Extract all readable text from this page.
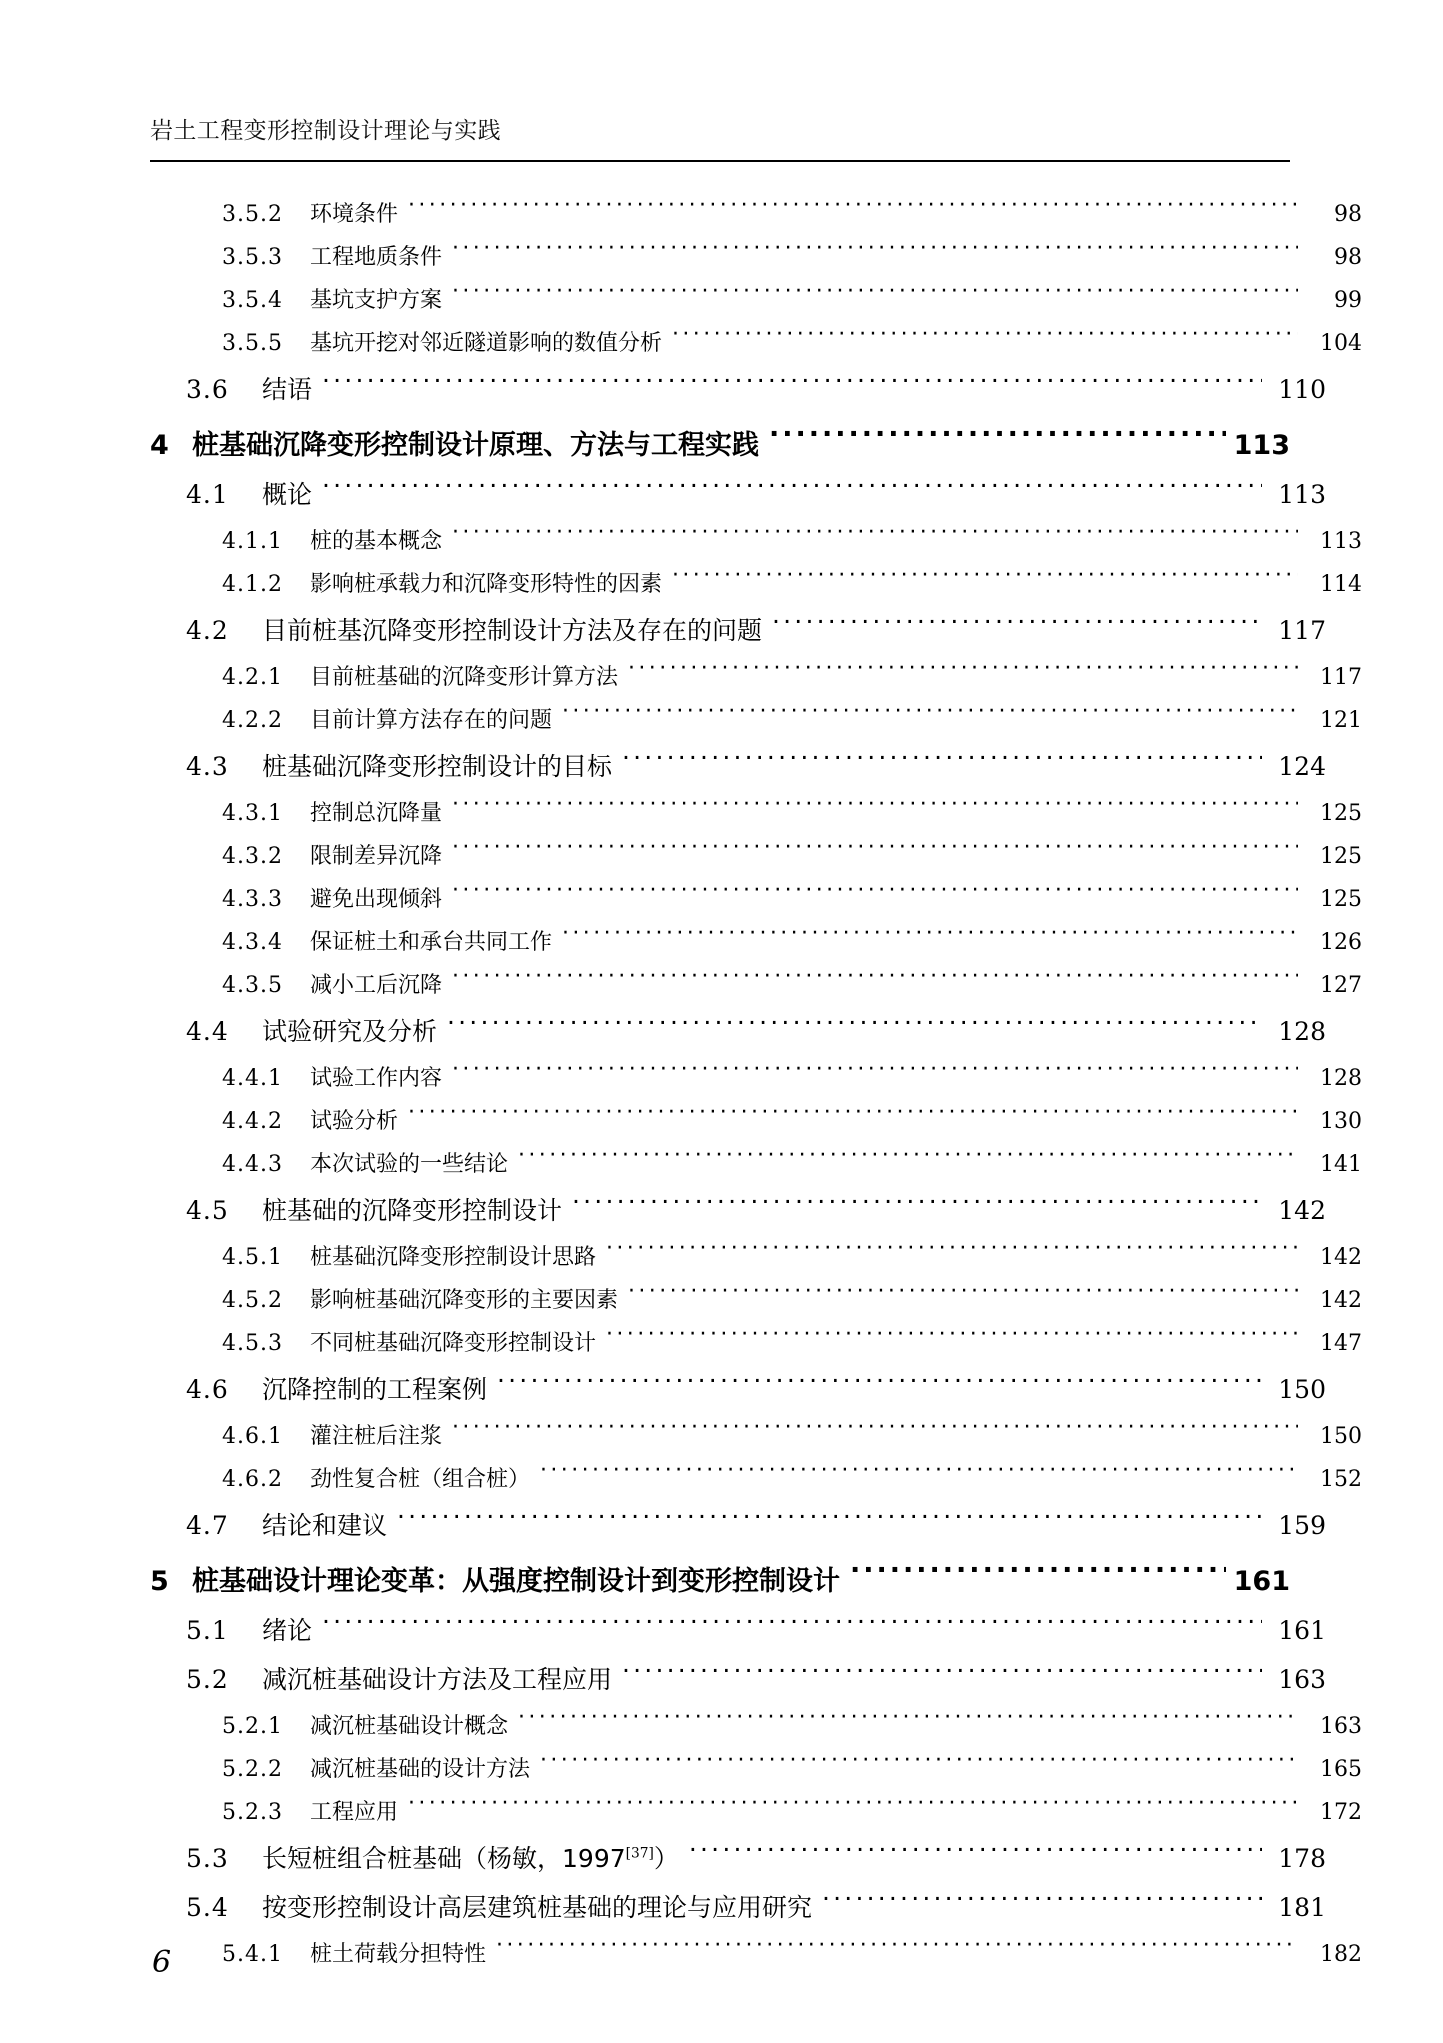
岩土工程变形控制设计理论与实践
3.5.2	环境条件 ·····	98
3.5.3	工程地质条件 ·····	98
3.5.4	基坑支护方案 ·····	99
3.5.5	基坑开挖对邻近隧道影响的数值分析 ·····	104
3.6	结语 ·····	110
4 桩基础沉降变形控制设计原理、方法与工程实践 ·····	113
4.1	概论 ·····	113
4.1.1	桩的基本概念 ·····	113
4.1.2	影响桩承载力和沉降变形特性的因素 ·····	114
4.2	目前桩基沉降变形控制设计方法及存在的问题 ·····	117
4.2.1	目前桩基础的沉降变形计算方法 ·····	117
4.2.2	目前计算方法存在的问题 ·····	121
4.3	桩基础沉降变形控制设计的目标 ·····	124
4.3.1	控制总沉降量 ·····	125
4.3.2	限制差异沉降 ·····	125
4.3.3	避免出现倾斜 ·····	125
4.3.4	保证桩土和承台共同工作 ·····	126
4.3.5	减小工后沉降 ·····	127
4.4	试验研究及分析 ·····	128
4.4.1	试验工作内容 ·····	128
4.4.2	试验分析 ·····	130
4.4.3	本次试验的一些结论 ·····	141
4.5	桩基础的沉降变形控制设计 ·····	142
4.5.1	桩基础沉降变形控制设计思路 ·····	142
4.5.2	影响桩基础沉降变形的主要因素 ·····	142
4.5.3	不同桩基础沉降变形控制设计 ·····	147
4.6	沉降控制的工程案例 ·····	150
4.6.1	灌注桩后注浆 ·····	150
4.6.2	劲性复合桩（组合桩） ·····	152
4.7	结论和建议 ·····	159
5 桩基础设计理论变革：从强度控制设计到变形控制设计 ·····	161
5.1	绪论 ·····	161
5.2	减沉桩基础设计方法及工程应用 ·····	163
5.2.1	减沉桩基础设计概念 ·····	163
5.2.2	减沉桩基础的设计方法 ·····	165
5.2.3	工程应用 ·····	172
5.3	长短桩组合桩基础（杨敏，1997[37]） ·····	178
5.4	按变形控制设计高层建筑桩基础的理论与应用研究 ·····	181
5.4.1	桩土荷载分担特性 ·····	182
6
